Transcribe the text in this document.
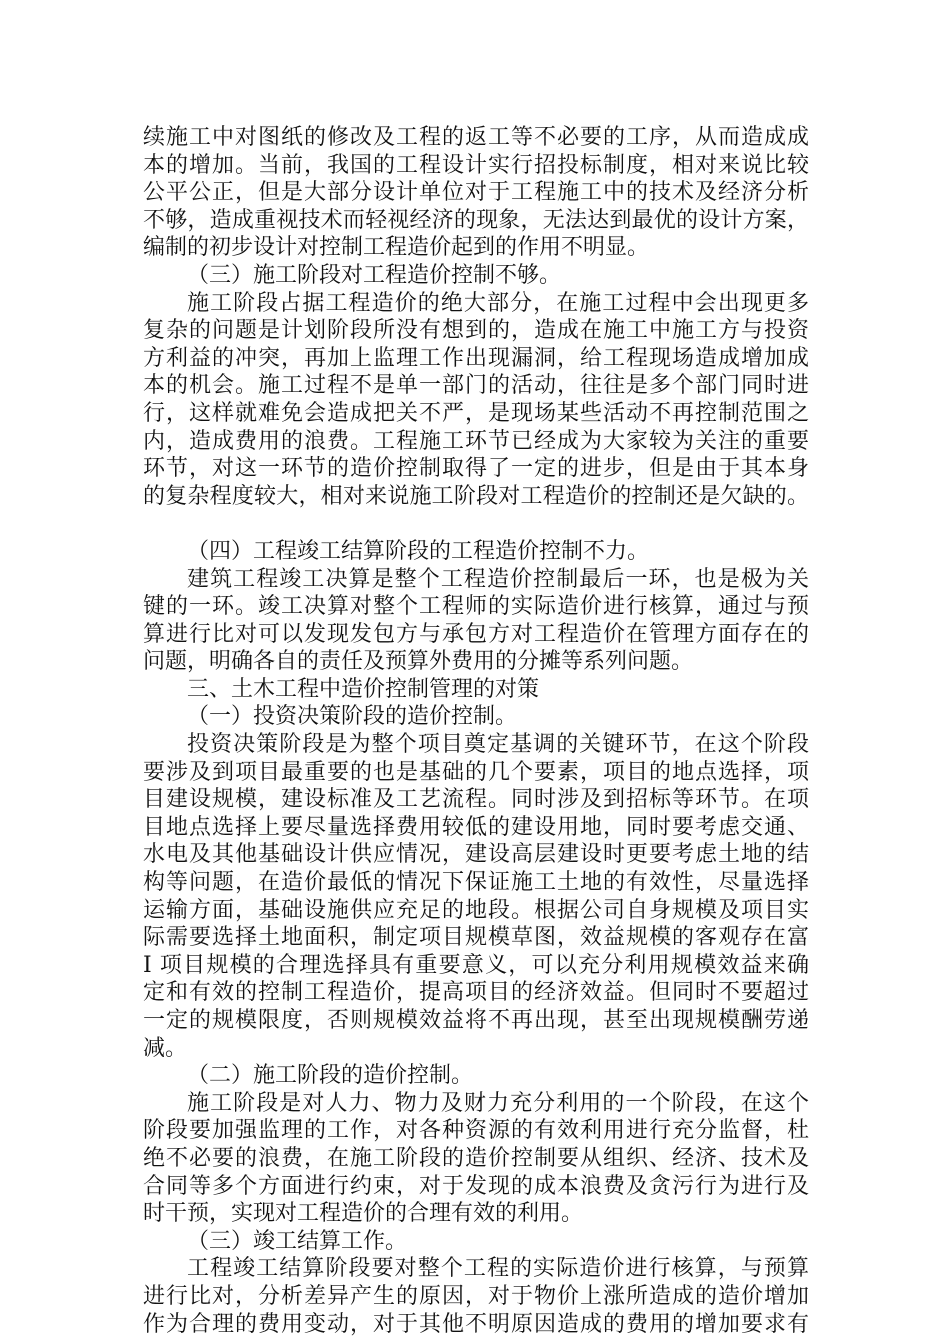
续施工中对图纸的修改及工程的返工等不必要的工序，从而造成成
本的增加。当前，我国的工程设计实行招投标制度，相对来说比较
公平公正，但是大部分设计单位对于工程施工中的技术及经济分析
不够，造成重视技术而轻视经济的现象，无法达到最优的设计方案，
编制的初步设计对控制工程造价起到的作用不明显。
（三）施工阶段对工程造价控制不够。
施工阶段占据工程造价的绝大部分，在施工过程中会出现更多
复杂的问题是计划阶段所没有想到的，造成在施工中施工方与投资
方利益的冲突，再加上监理工作出现漏洞，给工程现场造成增加成
本的机会。施工过程不是单一部门的活动，往往是多个部门同时进
行，这样就难免会造成把关不严，是现场某些活动不再控制范围之
内，造成费用的浪费。工程施工环节已经成为大家较为关注的重要
环节，对这一环节的造价控制取得了一定的进步，但是由于其本身
的复杂程度较大，相对来说施工阶段对工程造价的控制还是欠缺的。
（四）工程竣工结算阶段的工程造价控制不力。
建筑工程竣工决算是整个工程造价控制最后一环，也是极为关
键的一环。竣工决算对整个工程师的实际造价进行核算，通过与预
算进行比对可以发现发包方与承包方对工程造价在管理方面存在的
问题，明确各自的责任及预算外费用的分摊等系列问题。
三、土木工程中造价控制管理的对策
（一）投资决策阶段的造价控制。
投资决策阶段是为整个项目奠定基调的关键环节，在这个阶段
要涉及到项目最重要的也是基础的几个要素，项目的地点选择，项
目建设规模，建设标准及工艺流程。同时涉及到招标等环节。在项
目地点选择上要尽量选择费用较低的建设用地，同时要考虑交通、
水电及其他基础设计供应情况，建设高层建设时更要考虑土地的结
构等问题，在造价最低的情况下保证施工土地的有效性，尽量选择
运输方面，基础设施供应充足的地段。根据公司自身规模及项目实
际需要选择土地面积，制定项目规模草图，效益规模的客观存在富
I 项目规模的合理选择具有重要意义，可以充分利用规模效益来确
定和有效的控制工程造价，提高项目的经济效益。但同时不要超过
一定的规模限度，否则规模效益将不再出现，甚至出现规模酬劳递
减。
（二）施工阶段的造价控制。
施工阶段是对人力、物力及财力充分利用的一个阶段，在这个
阶段要加强监理的工作，对各种资源的有效利用进行充分监督，杜
绝不必要的浪费，在施工阶段的造价控制要从组织、经济、技术及
合同等多个方面进行约束，对于发现的成本浪费及贪污行为进行及
时干预，实现对工程造价的合理有效的利用。
（三）竣工结算工作。
工程竣工结算阶段要对整个工程的实际造价进行核算，与预算
进行比对，分析差异产生的原因，对于物价上涨所造成的造价增加
作为合理的费用变动，对于其他不明原因造成的费用的增加要求有
